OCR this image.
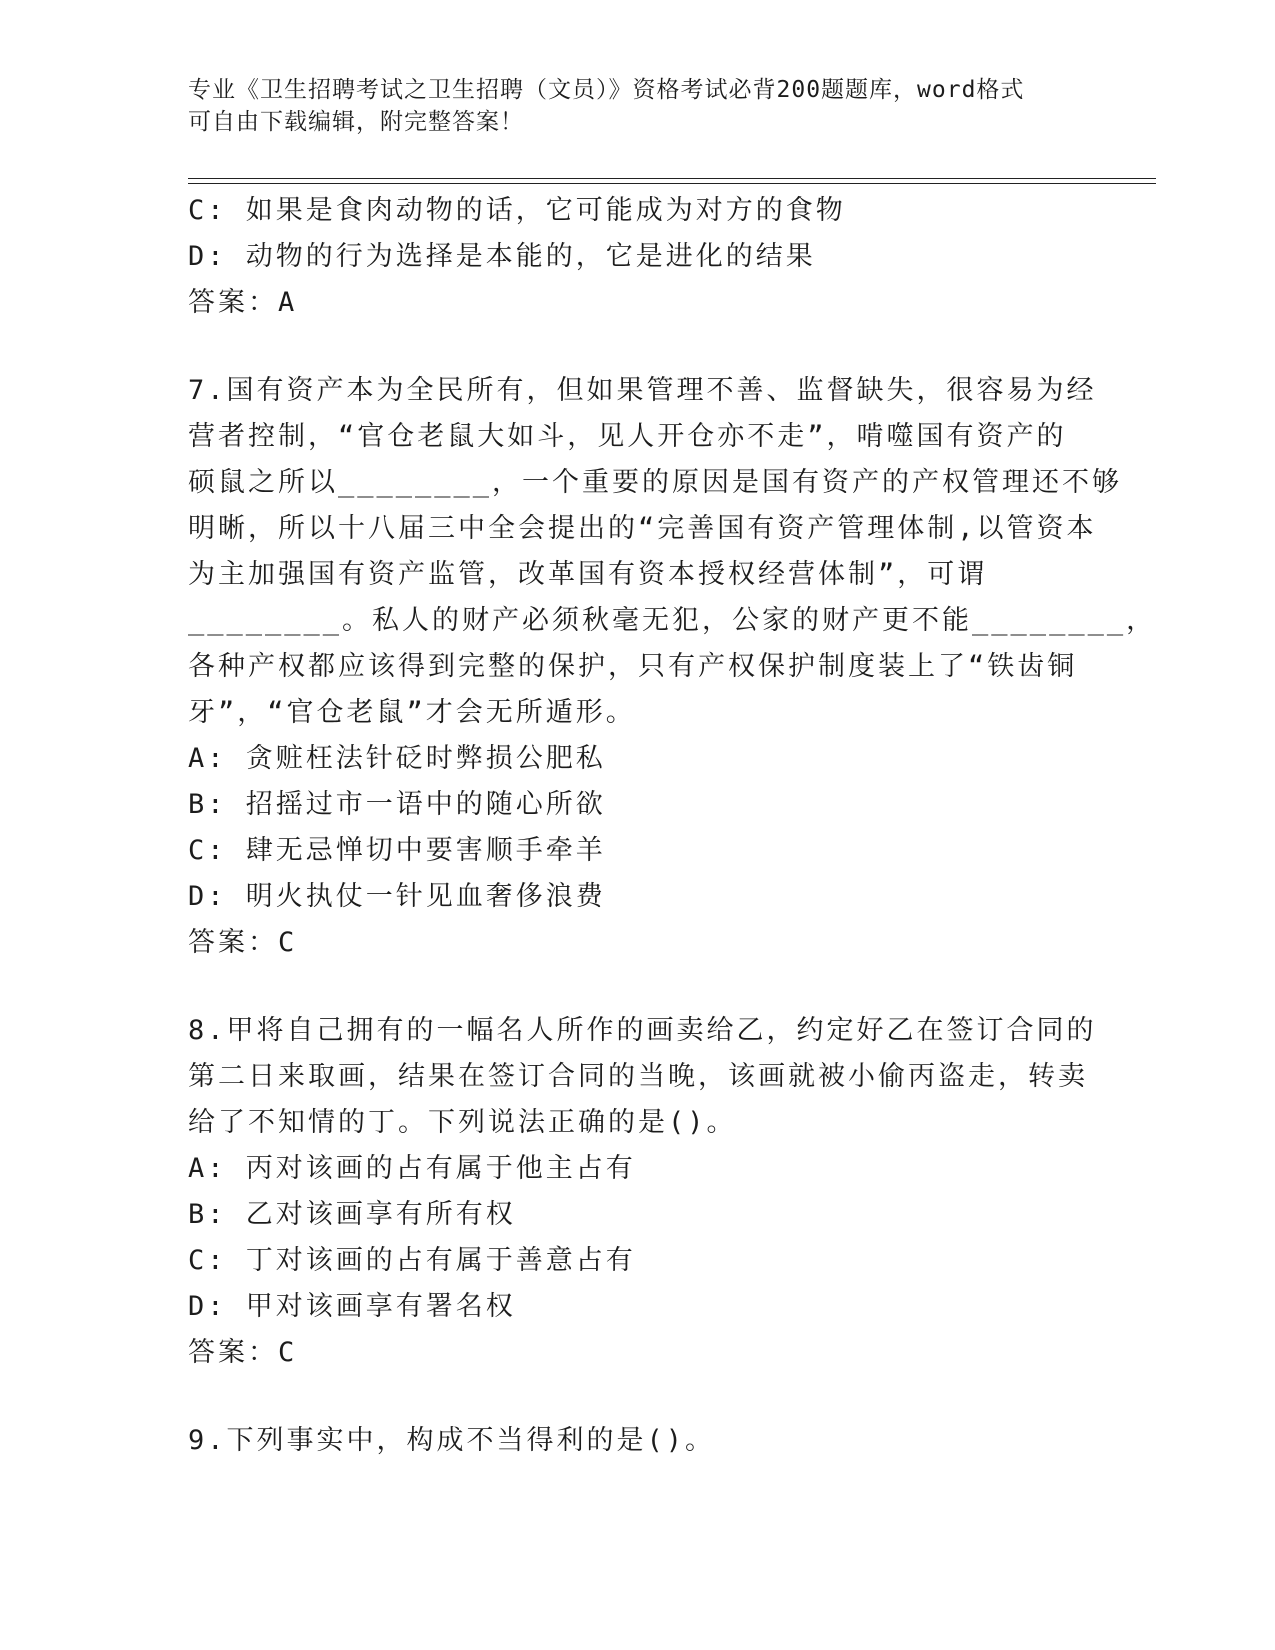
专业《卫生招聘考试之卫生招聘（文员）》资格考试必背200题题库，word格式
可自由下载编辑，附完整答案！
C: 如果是食肉动物的话，它可能成为对方的食物
D: 动物的行为选择是本能的，它是进化的结果
答案：A
7.国有资产本为全民所有，但如果管理不善、监督缺失，很容易为经
营者控制，“官仓老鼠大如斗，见人开仓亦不走”，啃噬国有资产的
硕鼠之所以________，一个重要的原因是国有资产的产权管理还不够
明晰，所以十八届三中全会提出的“完善国有资产管理体制,以管资本
为主加强国有资产监管，改革国有资本授权经营体制”，可谓
________。私人的财产必须秋毫无犯，公家的财产更不能________，
各种产权都应该得到完整的保护，只有产权保护制度装上了“铁齿铜
牙”，“官仓老鼠”才会无所遁形。
A: 贪赃枉法针砭时弊损公肥私
B: 招摇过市一语中的随心所欲
C: 肆无忌惮切中要害顺手牵羊
D: 明火执仗一针见血奢侈浪费
答案：C
8.甲将自己拥有的一幅名人所作的画卖给乙，约定好乙在签订合同的
第二日来取画，结果在签订合同的当晚，该画就被小偷丙盗走，转卖
给了不知情的丁。下列说法正确的是()。
A: 丙对该画的占有属于他主占有
B: 乙对该画享有所有权
C: 丁对该画的占有属于善意占有
D: 甲对该画享有署名权
答案：C
9.下列事实中，构成不当得利的是()。
